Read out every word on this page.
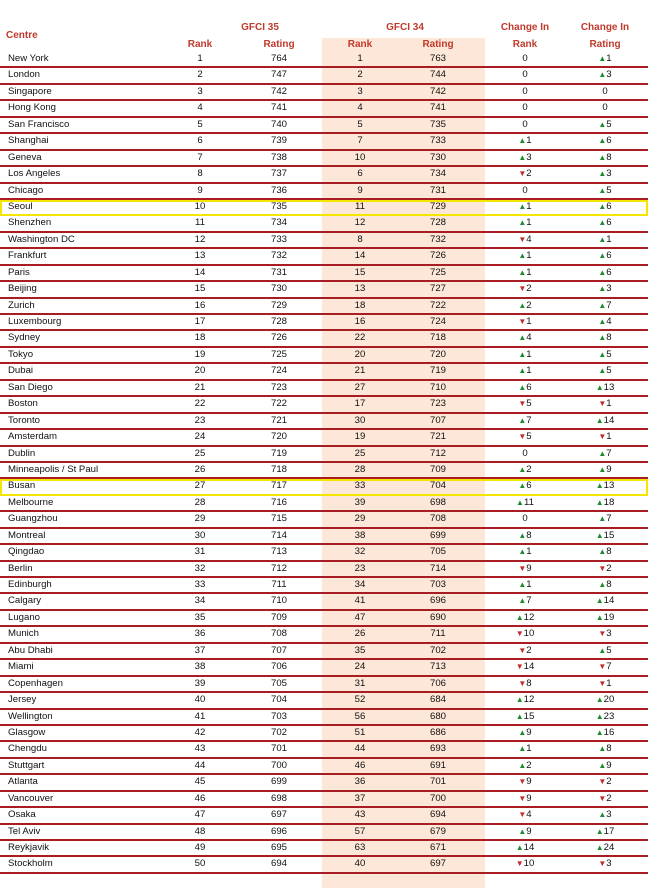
Centre
GFCI 35	GFCI 34	Change In	Change In
Rank	Rating	Rank	Rating	Rank	Rating
New York	1	764	1	763	0	▲1
London	2	747	2	744	0	▲3
Singapore	3	742	3	742	0	0
Hong Kong	4	741	4	741	0	0
San Francisco	5	740	5	735	0	▲5
Shanghai	6	739	7	733	▲1	▲6
Geneva	7	738	10	730	▲3	▲8
Los Angeles	8	737	6	734	▼2	▲3
Chicago	9	736	9	731	0	▲5
Seoul	10	735	11	729	▲1	▲6
Shenzhen	11	734	12	728	▲1	▲6
Washington DC	12	733	8	732	▼4	▲1
Frankfurt	13	732	14	726	▲1	▲6
Paris	14	731	15	725	▲1	▲6
Beijing	15	730	13	727	▼2	▲3
Zurich	16	729	18	722	▲2	▲7
Luxembourg	17	728	16	724	▼1	▲4
Sydney	18	726	22	718	▲4	▲8
Tokyo	19	725	20	720	▲1	▲5
Dubai	20	724	21	719	▲1	▲5
San Diego	21	723	27	710	▲6	▲13
Boston	22	722	17	723	▼5	▼1
Toronto	23	721	30	707	▲7	▲14
Amsterdam	24	720	19	721	▼5	▼1
Dublin	25	719	25	712	0	▲7
Minneapolis / St Paul	26	718	28	709	▲2	▲9
Busan	27	717	33	704	▲6	▲13
Melbourne	28	716	39	698	▲11	▲18
Guangzhou	29	715	29	708	0	▲7
Montreal	30	714	38	699	▲8	▲15
Qingdao	31	713	32	705	▲1	▲8
Berlin	32	712	23	714	▼9	▼2
Edinburgh	33	711	34	703	▲1	▲8
Calgary	34	710	41	696	▲7	▲14
Lugano	35	709	47	690	▲12	▲19
Munich	36	708	26	711	▼10	▼3
Abu Dhabi	37	707	35	702	▼2	▲5
Miami	38	706	24	713	▼14	▼7
Copenhagen	39	705	31	706	▼8	▼1
Jersey	40	704	52	684	▲12	▲20
Wellington	41	703	56	680	▲15	▲23
Glasgow	42	702	51	686	▲9	▲16
Chengdu	43	701	44	693	▲1	▲8
Stuttgart	44	700	46	691	▲2	▲9
Atlanta	45	699	36	701	▼9	▼2
Vancouver	46	698	37	700	▼9	▼2
Osaka	47	697	43	694	▼4	▲3
Tel Aviv	48	696	57	679	▲9	▲17
Reykjavik	49	695	63	671	▲14	▲24
Stockholm	50	694	40	697	▼10	▼3
